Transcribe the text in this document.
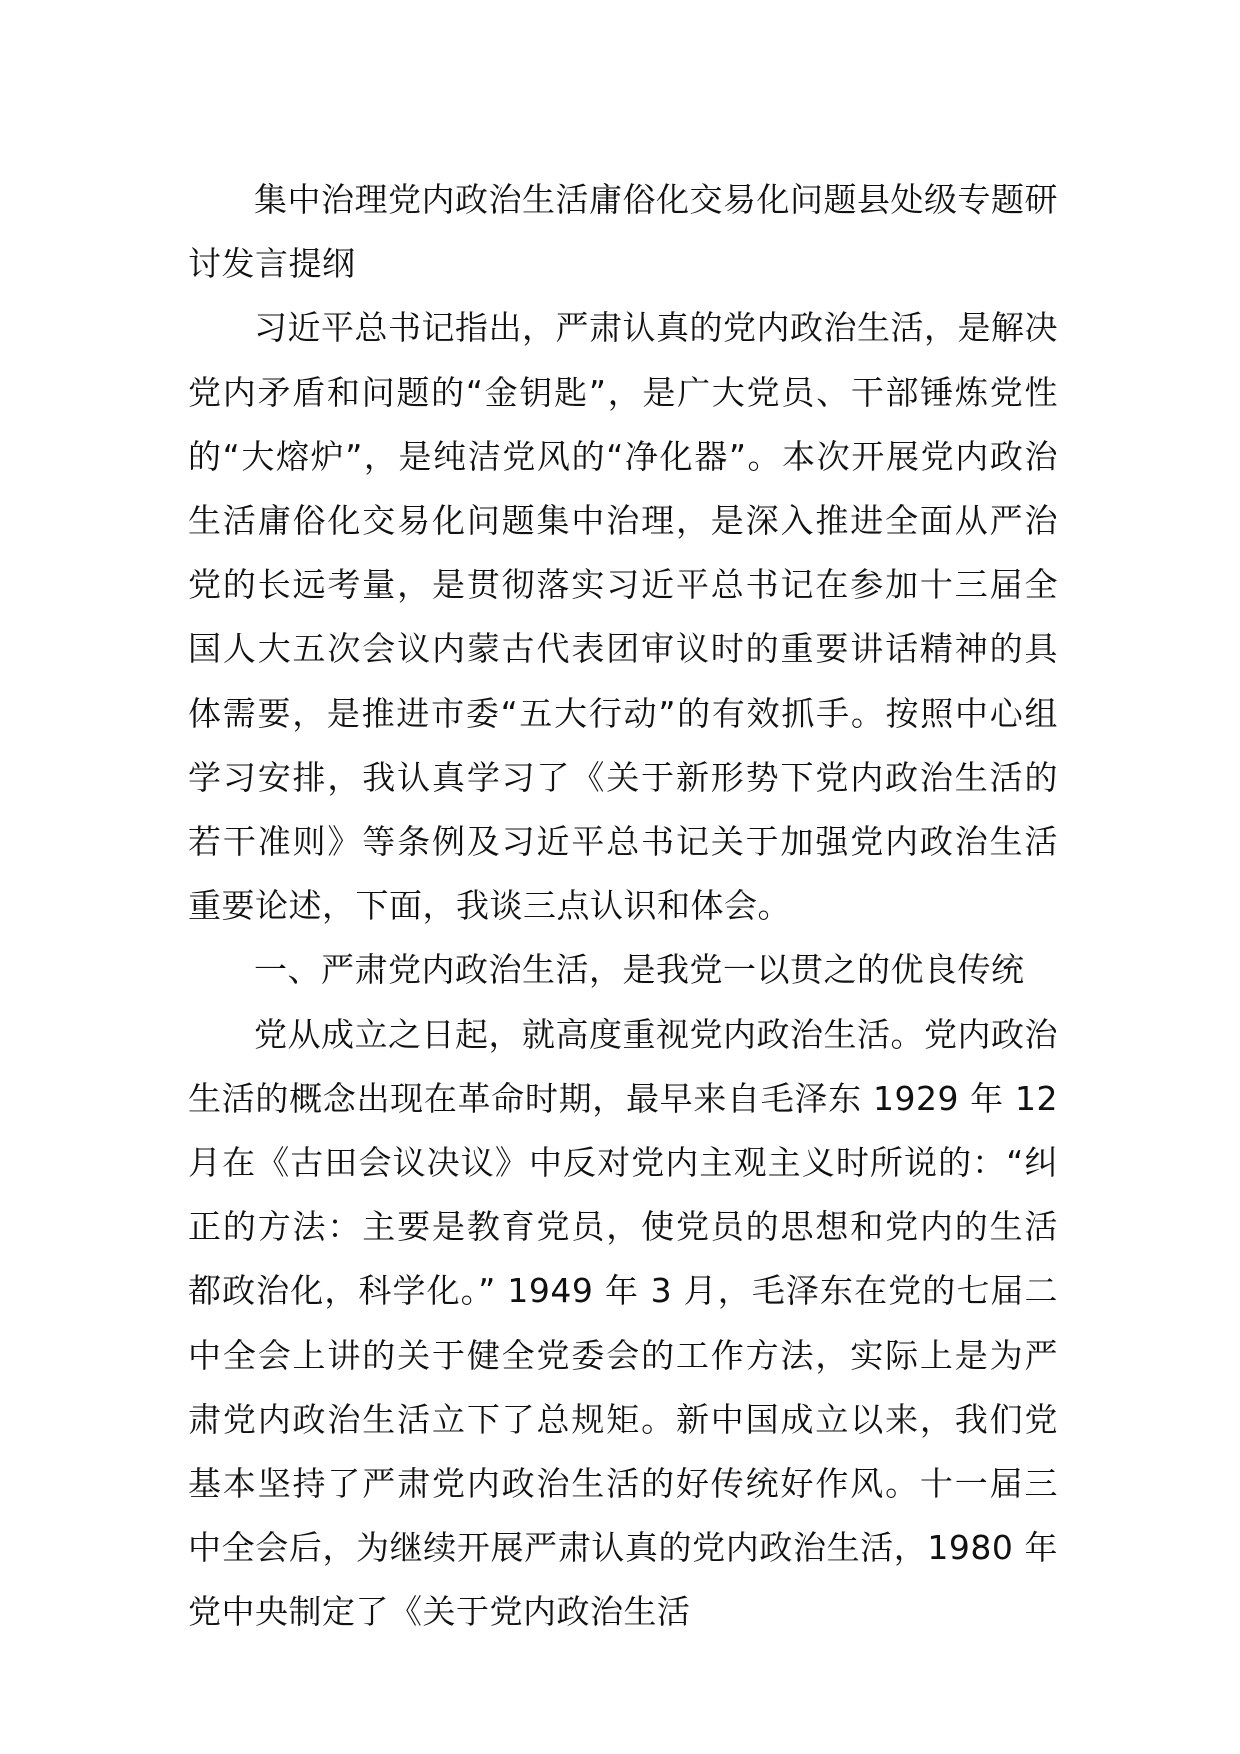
集中治理党内政治生活庸俗化交易化问题县处级专题研讨发言提纲

习近平总书记指出，严肃认真的党内政治生活，是解决党内矛盾和问题的“金钥匙”，是广大党员、干部锤炼党性的“大熔炉”，是纯洁党风的“净化器”。本次开展党内政治生活庸俗化交易化问题集中治理，是深入推进全面从严治党的长远考量，是贯彻落实习近平总书记在参加十三届全国人大五次会议内蒙古代表团审议时的重要讲话精神的具体需要，是推进市委“五大行动”的有效抓手。按照中心组学习安排，我认真学习了《关于新形势下党内政治生活的若干准则》等条例及习近平总书记关于加强党内政治生活重要论述，下面，我谈三点认识和体会。

一、严肃党内政治生活，是我党一以贯之的优良传统

党从成立之日起，就高度重视党内政治生活。党内政治生活的概念出现在革命时期，最早来自毛泽东 1929 年 12 月在《古田会议决议》中反对党内主观主义时所说的：“纠正的方法：主要是教育党员，使党员的思想和党内的生活都政治化，科学化。” 1949 年 3 月，毛泽东在党的七届二中全会上讲的关于健全党委会的工作方法，实际上是为严肃党内政治生活立下了总规矩。新中国成立以来，我们党基本坚持了严肃党内政治生活的好传统好作风。十一届三中全会后，为继续开展严肃认真的党内政治生活，1980 年党中央制定了《关于党内政治生活
